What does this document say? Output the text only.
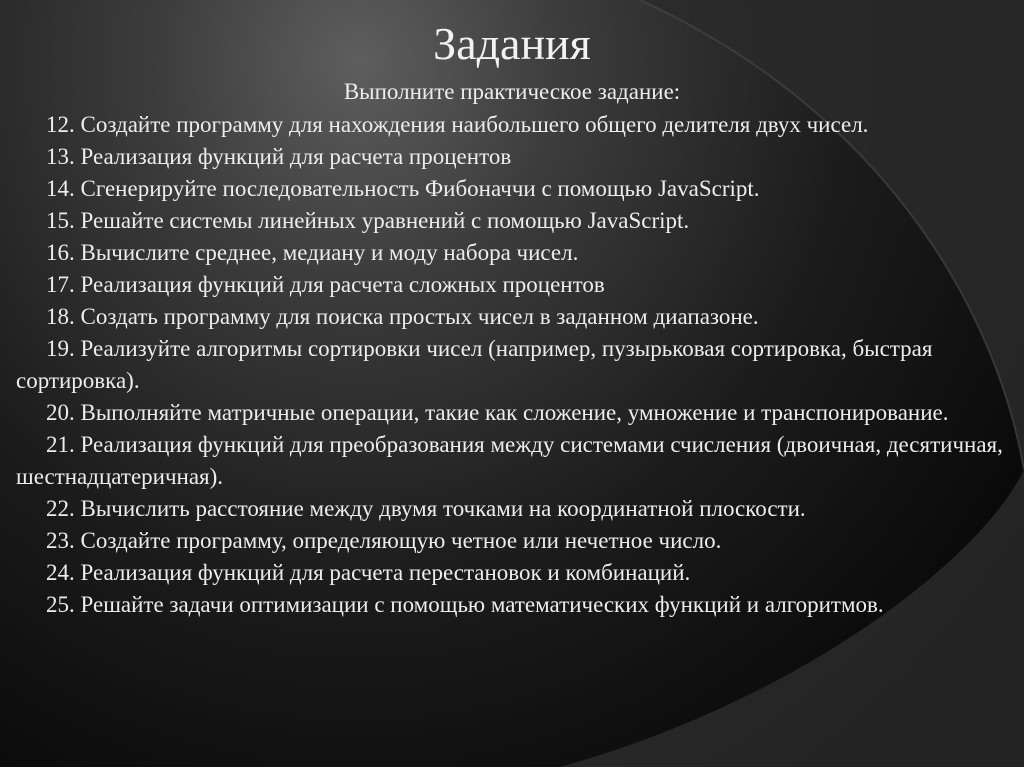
Задания
Выполните практическое задание:
12. Создайте программу для нахождения наибольшего общего делителя двух чисел.
13. Реализация функций для расчета процентов
14. Сгенерируйте последовательность Фибоначчи с помощью JavaScript.
15. Решайте системы линейных уравнений с помощью JavaScript.
16. Вычислите среднее, медиану и моду набора чисел.
17. Реализация функций для расчета сложных процентов
18. Создать программу для поиска простых чисел в заданном диапазоне.
19. Реализуйте алгоритмы сортировки чисел (например, пузырьковая сортировка, быстрая сортировка).
20. Выполняйте матричные операции, такие как сложение, умножение и транспонирование.
21. Реализация функций для преобразования между системами счисления (двоичная, десятичная, шестнадцатеричная).
22. Вычислить расстояние между двумя точками на координатной плоскости.
23. Создайте программу, определяющую четное или нечетное число.
24. Реализация функций для расчета перестановок и комбинаций.
25. Решайте задачи оптимизации с помощью математических функций и алгоритмов.
